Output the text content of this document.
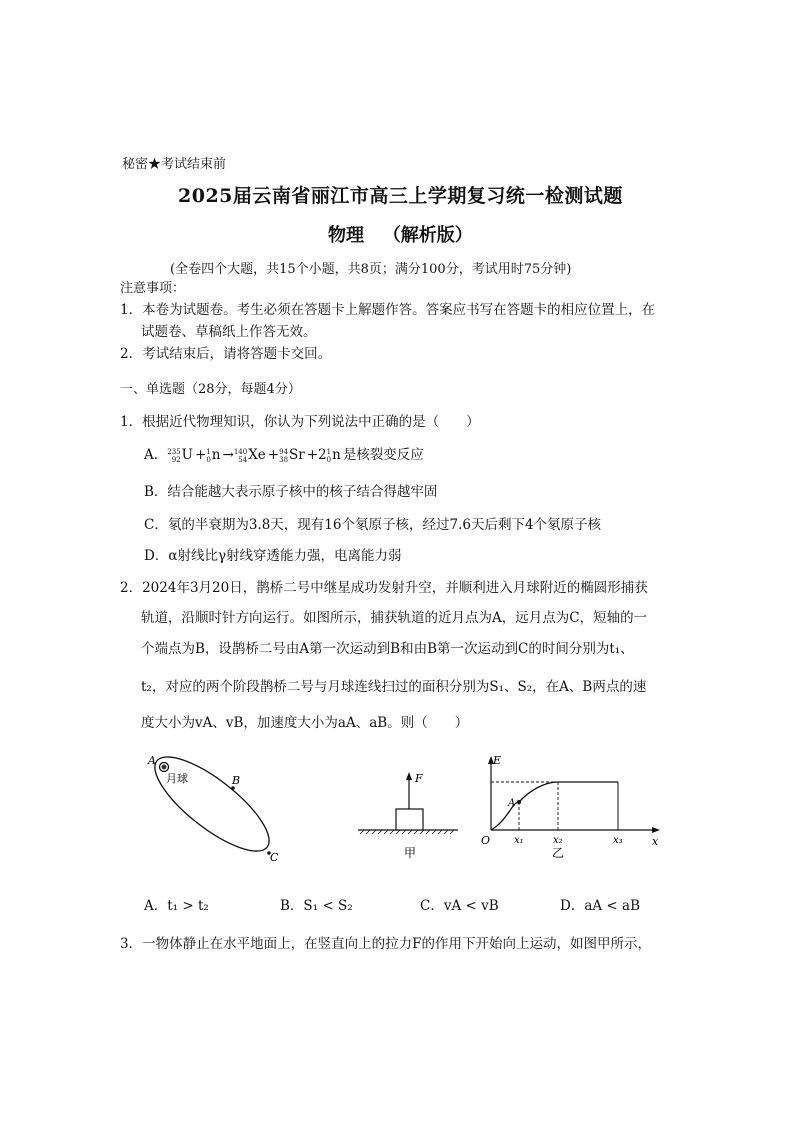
秘密★考试结束前
2025届云南省丽江市高三上学期复习统一检测试题
物理 （解析版）
(全卷四个大题，共15个小题，共8页；满分100分，考试用时75分钟)
注意事项：
1．本卷为试题卷。考生必须在答题卡上解题作答。答案应书写在答题卡的相应位置上，在
试题卷、草稿纸上作答无效。
2．考试结束后，请将答题卡交回。
一、单选题（28分，每题4分）
1．根据近代物理知识，你认为下列说法中正确的是（　　）
A． 235
92 U + 1
0 n → 140
54 Xe + 94
38 Sr +2 1
0 n 是核裂变反应
B．结合能越大表示原子核中的核子结合得越牢固
C．氡的半衰期为3.8天，现有16个氡原子核，经过7.6天后剩下4个氡原子核
D．α射线比γ射线穿透能力强，电离能力弱
2．2024年3月20日，鹊桥二号中继星成功发射升空，并顺利进入月球附近的椭圆形捕获
轨道，沿顺时针方向运行。如图所示，捕获轨道的近月点为A，远月点为C，短轴的一
个端点为B，设鹊桥二号由A第一次运动到B和由B第一次运动到C的时间分别为t₁、
t₂，对应的两个阶段鹊桥二号与月球连线扫过的面积分别为S₁、S₂，在A、B两点的速
度大小为vA、vB，加速度大小为aA、aB。则（　　）
A
月球	B
C
F
甲
E
x
O
A
x₁	x₂	x₃
乙
A．t₁ > t₂	B．S₁ < S₂	C．vA < vB	D．aA < aB
3．一物体静止在水平地面上，在竖直向上的拉力F的作用下开始向上运动，如图甲所示，
